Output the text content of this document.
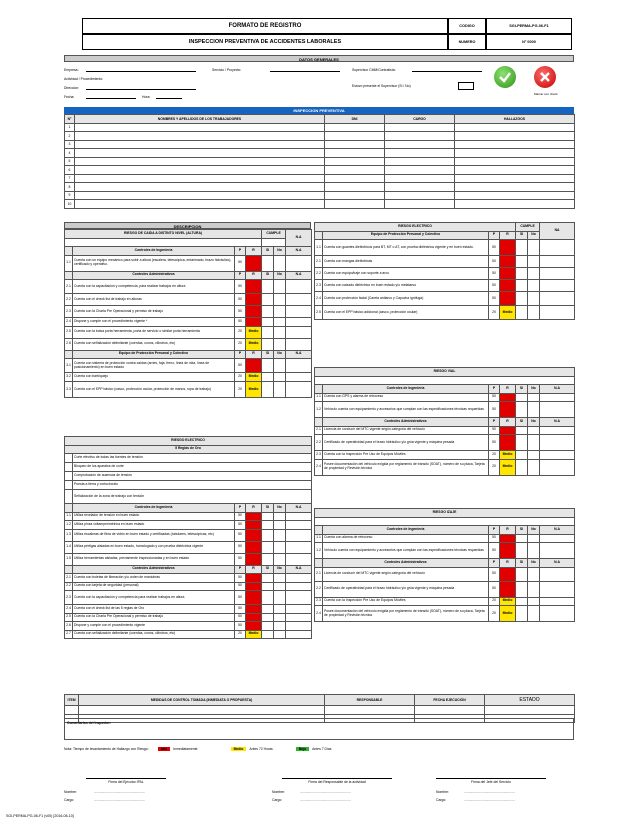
FORMATO DE REGISTRO
INSPECCION PREVENTIVA DE ACCIDENTES LABORALES
CODIGO	SGI-PERMA-PG-06-F1
NUMERO	N° 0000
DATOS GENERALES
Empresa:	Servicio / Proyecto:	Supervisor CMM/Contratista:
Actividad / Procedimiento:
Direccion:	Estuvo presente el Supervisor (Si / No)
Fecha:	Hora:
Marcar con check
INSPECCION PREVENTIVA
N°	NOMBRES Y APELLIDOS DE LOS TRABAJADORES	DNI	CARGO	HALLAZGOS
1				
2				
3				
4				
5				
6				
7				
8				
9				
10				
DESCRIPCION
RIESGO DE CAIDA A DISTINTO NIVEL (ALTURA)				CUMPLE		N.A

	Controles de Ingeniería	P	R	SI	No	N.A
1.1	Cuenta con un equipo mecánico para subir a altura (escalera, telescópica, entarimado, brazo hidráulico), certificado y operativo.	50	Alto			
	Controles Administrativos	P	R	SI	No	N.A
2.1	Cuenta con la capacitación y competencia, para realizar trabajos en altura	50	Alto			
2.2	Cuenta con el check list de trabajo en alturas	50	Alto			
2.3	Cuenta con la Charla Pre Operacional y permiso de trabajo	50	Alto			
2.4	Dispone y cumple con el procedimiento vigente *	50	Alto			
2.5	Cuenta con la bolsa porta herramienta, porta de servicio o similar porta herramienta	20	Medio			
2.6	Cuenta con señalización delimitante (cuerdas, conos, cilindros, etc)	20	Medio			
	Equipo de Protección Personal y Colectivo	P	R	SI	No	N.A
3.1	Cuenta con sistema de protección contra caídas (arnés, faja, freno, línea de vida, línea de posicionamiento) en buen estado	50	Alto			
3.2	Cuenta con barbiquejo	20	Medio			
3.3	Cuenta con el EPP básico (casco, protección ocular, protección de manos, ropa de trabajo)	20	Medio			
RIESGO ELECTRICO						
5 Reglas de Oro						
	Corte efectivo de todas las fuentes de tensión					
	Bloqueo de los aparatos de corte					
	Comprobación de ausencia de tensión					
	Puesta a tierra y cortocircuito					
	Señalización de la zona de trabajo con tensión					
	Controles de Ingeniería	P	R	SI	No	N.A
1.1	Utiliza revelador de tensión en buen estado	50	Alto			
1.2	Utiliza pinza voltamperimétrica en buen estado	50	Alto			
1.3	Utiliza escaleras de fibra de vidrio en buen estado y certificadas (tubulares, telescópicas, etc)	50	Alto			
1.4	Utiliza pértigas aisladas en buen estado, homologado y con prueba dieléctrica vigente	50	Alto			
1.5	Utiliza herramientas aisladas, previamente inspeccionadas y en buen estado	50	Alto			
	Controles Administrativos	P	R	SI	No	N.A
2.1	Cuenta con boletas de liberación y/o orden de maniobras	50	Alto			
2.2	Cuenta con tarjeta de seguridad (personal)	50	Alto			
2.3	Cuenta con la capacitación y competencia para realizar trabajos en altura	50	Alto			
2.4	Cuenta con el check list de las 5 reglas de Oro	50	Alto			
2.5	Cuenta con la Charla Pre Operacional y permiso de trabajo	50	Alto			
2.6	Dispone y cumple con el procedimiento vigente	50	Alto			
2.7	Cuenta con señalización delimitante (cuerdas, conos, cilindros, etc)	20	Medio			
RIESGO ELECTRICO				CUMPLE		NA
	Equipo de Protección Personal y Colectivo	P	R	SI	No	
1.1	Cuenta con guantes dieléctricos para BT, MT o AT, con prueba dieléctrica vigente y en buen estado.	50	Alto			
2.1	Cuenta con mangas dieléctricas	50	Alto			
2.2	Cuenta con equipo/traje con soporte a arco	50	Alto			
2.3	Cuenta con calzado dieléctrico en buen estado y/o metatarso	50	Alto			
2.4	Cuenta con protección facial (Careta antiarco y Capucha ignífuga)	50	Alto			
2.5	Cuenta con el EPP básico adicional (casco, protección ocular)	20	Medio			
RIESGO VIAL						

	Controles de Ingeniería	P	R	SI	No	N.A
1.1	Cuenta con GPS y alarma de retroceso	50	Alto			
1.2	Vehículo cuenta con equipamiento y accesorios que cumplan con las especificaciones técnicas requeridas	50	Alto			
	Controles Administrativos	P	R	SI	No	N.A
2.1	Licencia de conducir del MTC vigente según categoría del vehículo	50	Alto			
2.2	Certificado de operatividad para el brazo hidráulico y/o grúa vigente y máquina pesada	50	Alto			
2.3	Cuenta con la Inspección Pre Uso de Equipos Móviles	20	Medio			
2.4	Posee documentación del vehículo exigida por reglamento de tránsito (SOAT), número de su placa, Tarjeta de propiedad y Revisión técnica	20	Medio			
RIESGO IZAJE						

	Controles de Ingeniería	P	R	SI	No	N.A
1.1	Cuenta con alarma de retroceso	50	Alto			
1.2	Vehículo cuenta con equipamiento y accesorios que cumplan con las especificaciones técnicas requeridas	50	Alto			
	Controles Administrativos	P	R	SI	No	N.A
2.1	Licencia de conducir del MTC vigente según categoría del vehículo	50	Alto			
2.2	Certificado de operatividad para el brazo hidráulico y/o grúa vigente y máquina pesada	50	Alto			
2.3	Cuenta con la Inspección Pre Uso de Equipos Móviles	20	Medio			
2.4	Posee documentación del vehículo exigida por reglamento de tránsito (SOAT), número de su placa, Tarjeta de propiedad y Revisión técnica	20	Medio			
ITEM	MEDIDAS DE CONTROL TOMADA (INMEDIATA O PROPUESTA)	RESPONSABLE	FECHA EJECUCIÓN	ESTADO

Comentarios del Inspector:
Nota: Tiempo de levantamiento de Hallazgo con Riesgo:	Alto	Inmediatamente	Medio	Antes 72 Horas	Bajo	Antes 7 Días
Firma del Ejecutor IPAL	Firma del Responsable de la actividad	Firma del Jefe del Servicio
Nombre:	......................................................
Cargo:	......................................................
Nombre:	......................................................
Cargo:	......................................................
Nombre:	......................................................
Cargo:	......................................................
SGI-PERMA-PG-06-F1 (v00) [2016-08-10]
